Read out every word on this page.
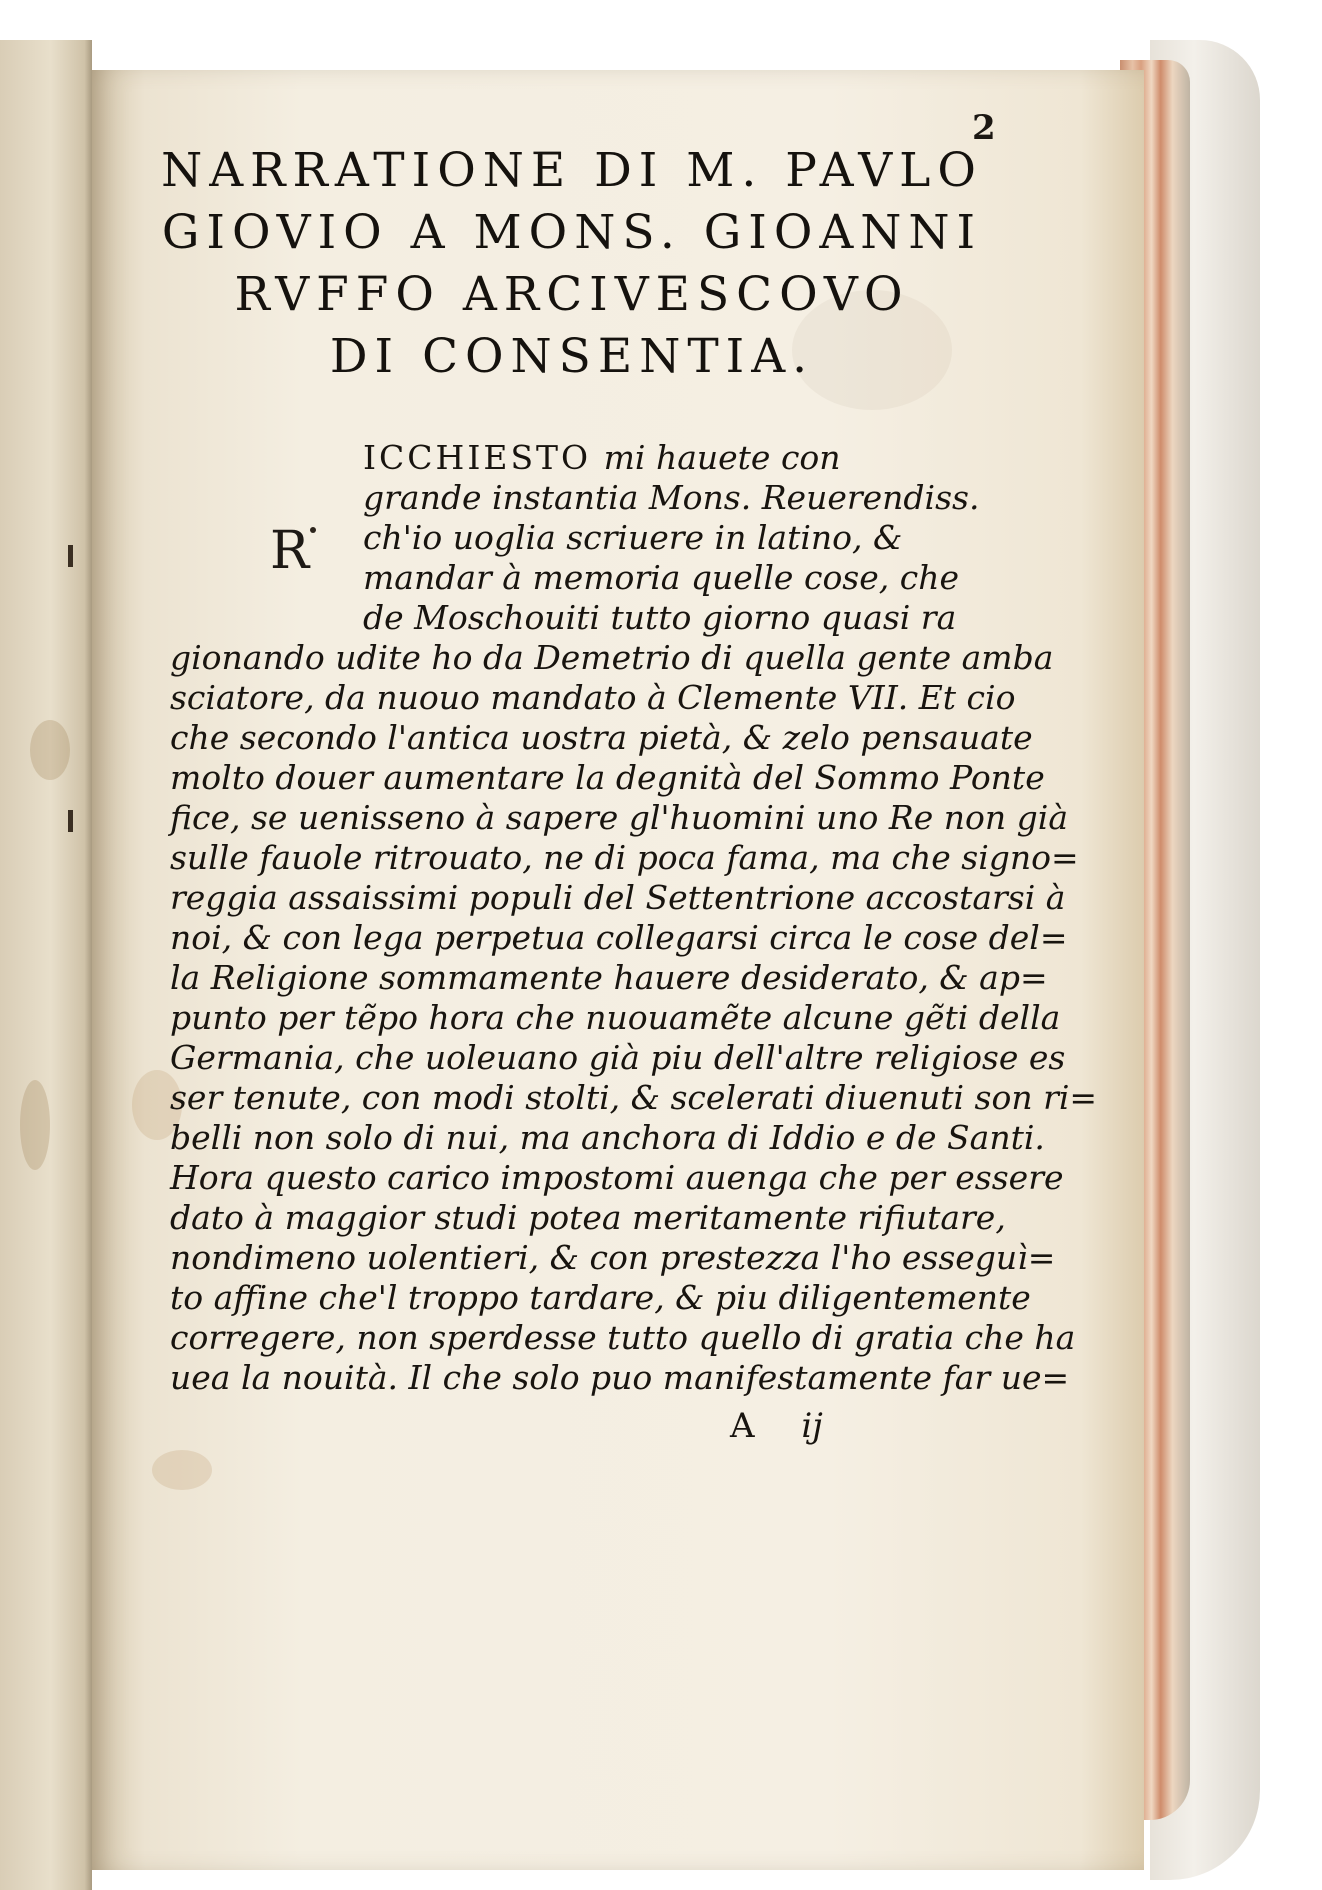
2
NARRATIONE DI M. PAVLO
GIOVIO A MONS. GIOANNI
RVFFO ARCIVESCOVO
DI CONSENTIA.
R
ICCHIESTO mi hauete con
grande instantia Mons. Reuerendiss.
ch'io uoglia scriuere in latino, &
mandar à memoria quelle cose, che
de Moschouiti tutto giorno quasi ra
gionando udite ho da Demetrio di quella gente amba
sciatore, da nuouo mandato à Clemente VII. Et cio
che secondo l'antica uostra pietà, & zelo pensauate
molto douer aumentare la degnità del Sommo Ponte
fice, se uenisseno à sapere gl'huomini uno Re non già
sulle fauole ritrouato, ne di poca fama, ma che signo=
reggia assaissimi populi del Settentrione accostarsi à
noi, & con lega perpetua collegarsi circa le cose del=
la Religione sommamente hauere desiderato, & ap=
punto per tẽpo hora che nuouamẽte alcune gẽti della
Germania, che uoleuano già piu dell'altre religiose es
ser tenute, con modi stolti, & scelerati diuenuti son ri=
belli non solo di nui, ma anchora di Iddio e de Santi.
Hora questo carico impostomi auenga che per essere
dato à maggior studi potea meritamente rifiutare,
nondimeno uolentieri, & con prestezza l'ho esseguì=
to affine che'l troppo tardare, & piu diligentemente
corregere, non sperdesse tutto quello di gratia che ha
uea la nouità. Il che solo puo manifestamente far ue=
A ij
